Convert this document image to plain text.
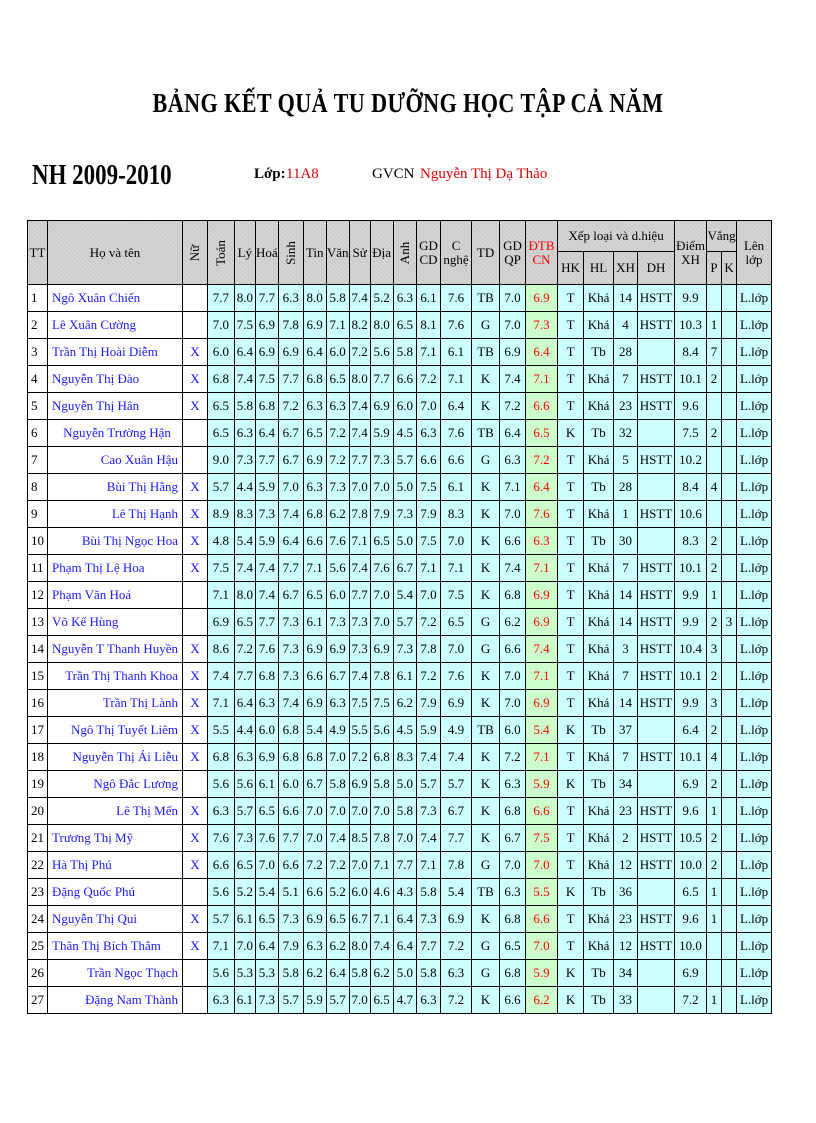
BẢNG KẾT QUẢ TU DƯỠNG HỌC TẬP CẢ NĂM
NH 2009-2010	Lớp: 11A8	GVCN Nguyễn Thị Dạ Thảo
TT	Họ và tên	Nữ	Toán	Lý	Hoá	Sinh	Tin	Văn	Sử	Địa	Anh	GD CD	C nghệ	TD	GD QP	ĐTB CN	Xếp loại và d.hiệu				Điểm XH	Vắng		Lên lớp
																	HK	HL	XH	DH		P	K	
1	Ngô Xuân Chiến		7.7	8.0	7.7	6.3	8.0	5.8	7.4	5.2	6.3	6.1	7.6	TB	7.0	6.9	T	Khá	14	HSTT	9.9			L.lớp
2	Lê Xuân Cường		7.0	7.5	6.9	7.8	6.9	7.1	8.2	8.0	6.5	8.1	7.6	G	7.0	7.3	T	Khá	4	HSTT	10.3	1		L.lớp
3	Trần Thị Hoài Diễm	X	6.0	6.4	6.9	6.9	6.4	6.0	7.2	5.6	5.8	7.1	6.1	TB	6.9	6.4	T	Tb	28		8.4	7		L.lớp
4	Nguyễn Thị Đào	X	6.8	7.4	7.5	7.7	6.8	6.5	8.0	7.7	6.6	7.2	7.1	K	7.4	7.1	T	Khá	7	HSTT	10.1	2		L.lớp
5	Nguyễn Thị Hân	X	6.5	5.8	6.8	7.2	6.3	6.3	7.4	6.9	6.0	7.0	6.4	K	7.2	6.6	T	Khá	23	HSTT	9.6			L.lớp
6	Nguyễn Trường Hận		6.5	6.3	6.4	6.7	6.5	7.2	7.4	5.9	4.5	6.3	7.6	TB	6.4	6.5	K	Tb	32		7.5	2		L.lớp
7	Cao Xuân Hậu		9.0	7.3	7.7	6.7	6.9	7.2	7.7	7.3	5.7	6.6	6.6	G	6.3	7.2	T	Khá	5	HSTT	10.2			L.lớp
8	Bùi Thị Hằng	X	5.7	4.4	5.9	7.0	6.3	7.3	7.0	7.0	5.0	7.5	6.1	K	7.1	6.4	T	Tb	28		8.4	4		L.lớp
9	Lê Thị Hạnh	X	8.9	8.3	7.3	7.4	6.8	6.2	7.8	7.9	7.3	7.9	8.3	K	7.0	7.6	T	Khá	1	HSTT	10.6			L.lớp
10	Bùi Thị Ngọc Hoa	X	4.8	5.4	5.9	6.4	6.6	7.6	7.1	6.5	5.0	7.5	7.0	K	6.6	6.3	T	Tb	30		8.3	2		L.lớp
11	Phạm Thị Lệ Hoa	X	7.5	7.4	7.4	7.7	7.1	5.6	7.4	7.6	6.7	7.1	7.1	K	7.4	7.1	T	Khá	7	HSTT	10.1	2		L.lớp
12	Phạm Văn Hoá		7.1	8.0	7.4	6.7	6.5	6.0	7.7	7.0	5.4	7.0	7.5	K	6.8	6.9	T	Khá	14	HSTT	9.9	1		L.lớp
13	Võ Kế Hùng		6.9	6.5	7.7	7.3	6.1	7.3	7.3	7.0	5.7	7.2	6.5	G	6.2	6.9	T	Khá	14	HSTT	9.9	2	3	L.lớp
14	Nguyễn T Thanh Huyền	X	8.6	7.2	7.6	7.3	6.9	6.9	7.3	6.9	7.3	7.8	7.0	G	6.6	7.4	T	Khá	3	HSTT	10.4	3		L.lớp
15	Trần Thị Thanh Khoa	X	7.4	7.7	6.8	7.3	6.6	6.7	7.4	7.8	6.1	7.2	7.6	K	7.0	7.1	T	Khá	7	HSTT	10.1	2		L.lớp
16	Trần Thị Lành	X	7.1	6.4	6.3	7.4	6.9	6.3	7.5	7.5	6.2	7.9	6.9	K	7.0	6.9	T	Khá	14	HSTT	9.9	3		L.lớp
17	Ngô Thị Tuyết Liêm	X	5.5	4.4	6.0	6.8	5.4	4.9	5.5	5.6	4.5	5.9	4.9	TB	6.0	5.4	K	Tb	37		6.4	2		L.lớp
18	Nguyễn Thị Ái Liễu	X	6.8	6.3	6.9	6.8	6.8	7.0	7.2	6.8	8.3	7.4	7.4	K	7.2	7.1	T	Khá	7	HSTT	10.1	4		L.lớp
19	Ngô Đắc Lương		5.6	5.6	6.1	6.0	6.7	5.8	6.9	5.8	5.0	5.7	5.7	K	6.3	5.9	K	Tb	34		6.9	2		L.lớp
20	Lê Thị Mến	X	6.3	5.7	6.5	6.6	7.0	7.0	7.0	7.0	5.8	7.3	6.7	K	6.8	6.6	T	Khá	23	HSTT	9.6	1		L.lớp
21	Trương Thị Mỹ	X	7.6	7.3	7.6	7.7	7.0	7.4	8.5	7.8	7.0	7.4	7.7	K	6.7	7.5	T	Khá	2	HSTT	10.5	2		L.lớp
22	Hà Thị Phú	X	6.6	6.5	7.0	6.6	7.2	7.2	7.0	7.1	7.7	7.1	7.8	G	7.0	7.0	T	Khá	12	HSTT	10.0	2		L.lớp
23	Đặng Quốc Phú		5.6	5.2	5.4	5.1	6.6	5.2	6.0	4.6	4.3	5.8	5.4	TB	6.3	5.5	K	Tb	36		6.5	1		L.lớp
24	Nguyễn Thị Qui	X	5.7	6.1	6.5	7.3	6.9	6.5	6.7	7.1	6.4	7.3	6.9	K	6.8	6.6	T	Khá	23	HSTT	9.6	1		L.lớp
25	Thân Thị Bích Thắm	X	7.1	7.0	6.4	7.9	6.3	6.2	8.0	7.4	6.4	7.7	7.2	G	6.5	7.0	T	Khá	12	HSTT	10.0			L.lớp
26	Trần Ngọc Thạch		5.6	5.3	5.3	5.8	6.2	6.4	5.8	6.2	5.0	5.8	6.3	G	6.8	5.9	K	Tb	34		6.9			L.lớp
27	Đặng Nam Thành		6.3	6.1	7.3	5.7	5.9	5.7	7.0	6.5	4.7	6.3	7.2	K	6.6	6.2	K	Tb	33		7.2	1		L.lớp
